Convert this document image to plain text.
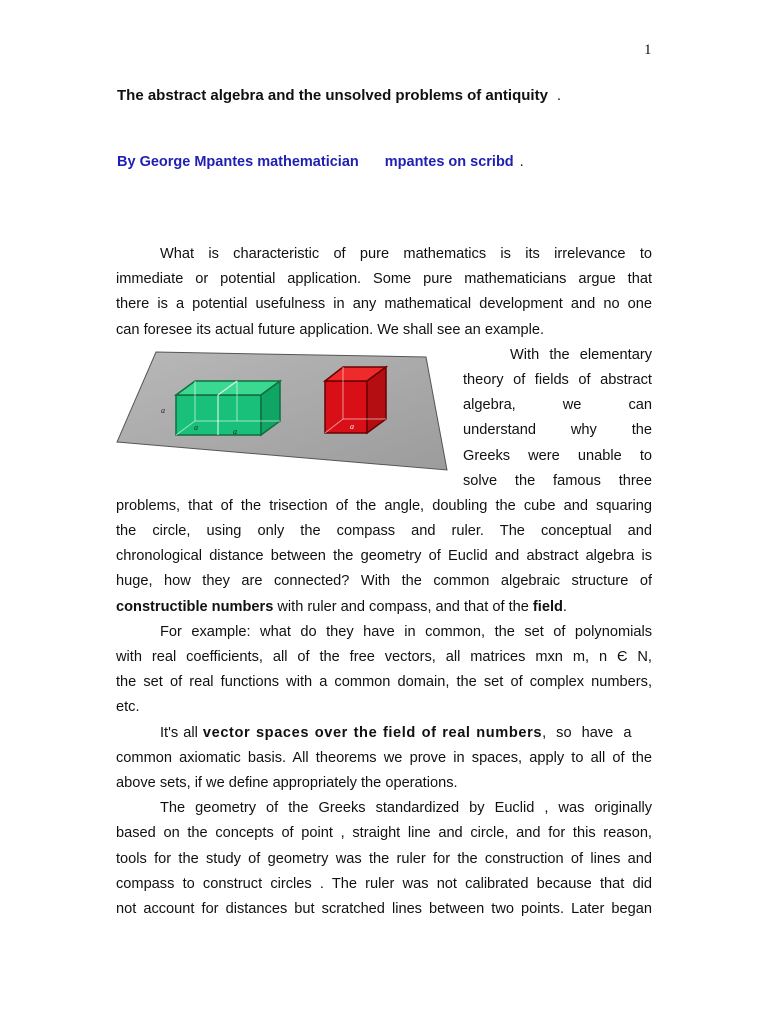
1
The abstract algebra and the unsolved problems of antiquity .
By George Mpantes mathematician mpantes on scribd .
a
a	a
a
What is characteristic of pure mathematics is its irrelevance to
immediate or potential application. Some pure mathematicians argue that
there is a potential usefulness in any mathematical development and no one
can foresee its actual future application. We shall see an example.
With the elementary
theory of fields of abstract
algebra, we can
understand why the
Greeks were unable to
solve the famous three
problems, that of the trisection of the angle, doubling the cube and squaring
the circle, using only the compass and ruler. The conceptual and
chronological distance between the geometry of Euclid and abstract algebra is
huge, how they are connected? With the common algebraic structure of
constructible numbers with ruler and compass, and that of the field.
For example: what do they have in common, the set of polynomials
with real coefficients, all of the free vectors, all matrices mxn m, n Є N,
the set of real functions with a common domain, the set of complex numbers,
etc.
It's all vector spaces over the field of real numbers, so have a
common axiomatic basis. All theorems we prove in spaces, apply to all of the
above sets, if we define appropriately the operations.
The geometry of the Greeks standardized by Euclid , was originally
based on the concepts of point , straight line and circle, and for this reason,
tools for the study of geometry was the ruler for the construction of lines and
compass to construct circles . The ruler was not calibrated because that did
not account for distances but scratched lines between two points. Later began
